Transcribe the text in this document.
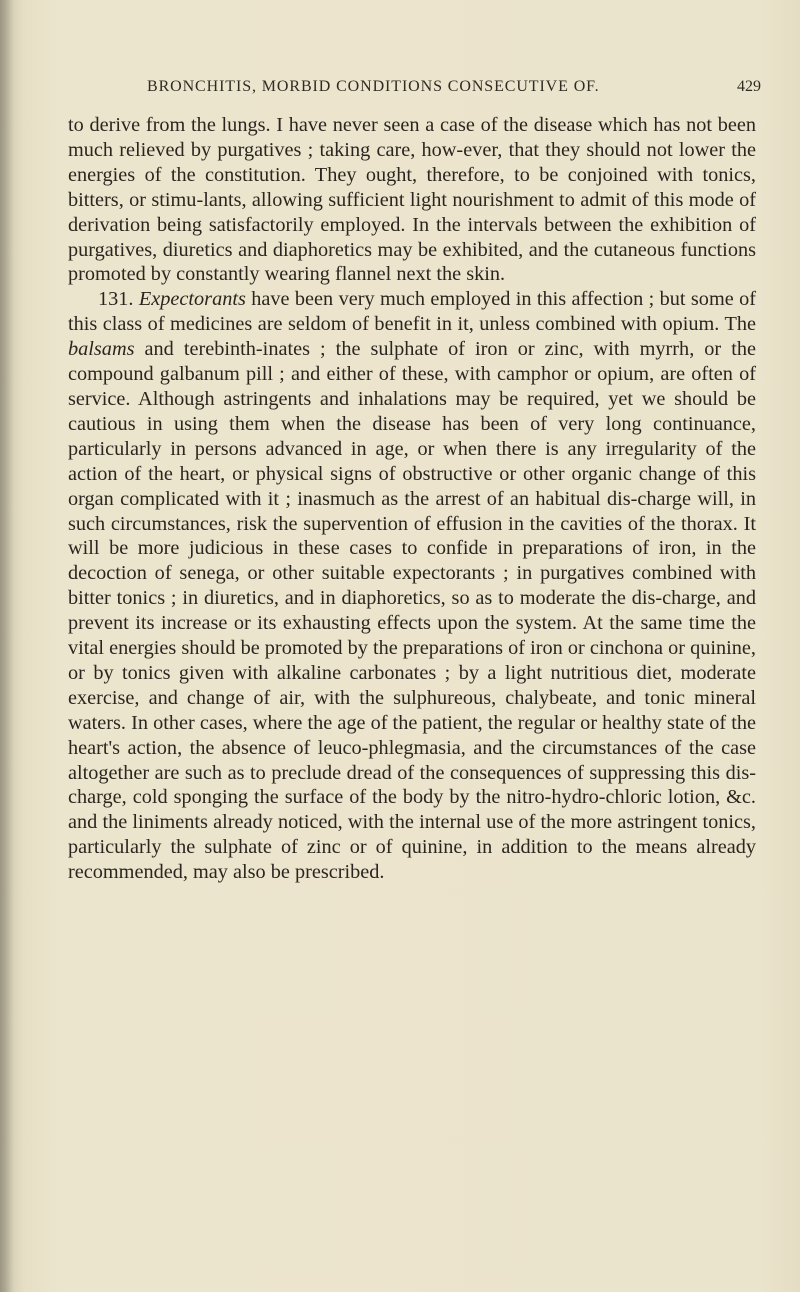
BRONCHITIS, MORBID CONDITIONS CONSECUTIVE OF.	429

to derive from the lungs. I have never seen a case of the disease which has not been much relieved by purgatives ; taking care, how-ever, that they should not lower the energies of the constitution. They ought, therefore, to be conjoined with tonics, bitters, or stimu-lants, allowing sufficient light nourishment to admit of this mode of derivation being satisfactorily employed. In the intervals between the exhibition of purgatives, diuretics and diaphoretics may be exhibited, and the cutaneous functions promoted by constantly wearing flannel next the skin.

131. Expectorants have been very much employed in this affection ; but some of this class of medicines are seldom of benefit in it, unless combined with opium. The balsams and terebinth-inates ; the sulphate of iron or zinc, with myrrh, or the compound galbanum pill ; and either of these, with camphor or opium, are often of service. Although astringents and inhalations may be required, yet we should be cautious in using them when the disease has been of very long continuance, particularly in persons advanced in age, or when there is any irregularity of the action of the heart, or physical signs of obstructive or other organic change of this organ complicated with it ; inasmuch as the arrest of an habitual dis-charge will, in such circumstances, risk the supervention of effusion in the cavities of the thorax. It will be more judicious in these cases to confide in preparations of iron, in the decoction of senega, or other suitable expectorants ; in purgatives combined with bitter tonics ; in diuretics, and in diaphoretics, so as to moderate the dis-charge, and prevent its increase or its exhausting effects upon the system. At the same time the vital energies should be promoted by the preparations of iron or cinchona or quinine, or by tonics given with alkaline carbonates ; by a light nutritious diet, moderate exercise, and change of air, with the sulphureous, chalybeate, and tonic mineral waters. In other cases, where the age of the patient, the regular or healthy state of the heart's action, the absence of leuco-phlegmasia, and the circumstances of the case altogether are such as to preclude dread of the consequences of suppressing this dis-charge, cold sponging the surface of the body by the nitro-hydro-chloric lotion, &c. and the liniments already noticed, with the internal use of the more astringent tonics, particularly the sulphate of zinc or of quinine, in addition to the means already recommended, may also be prescribed.
